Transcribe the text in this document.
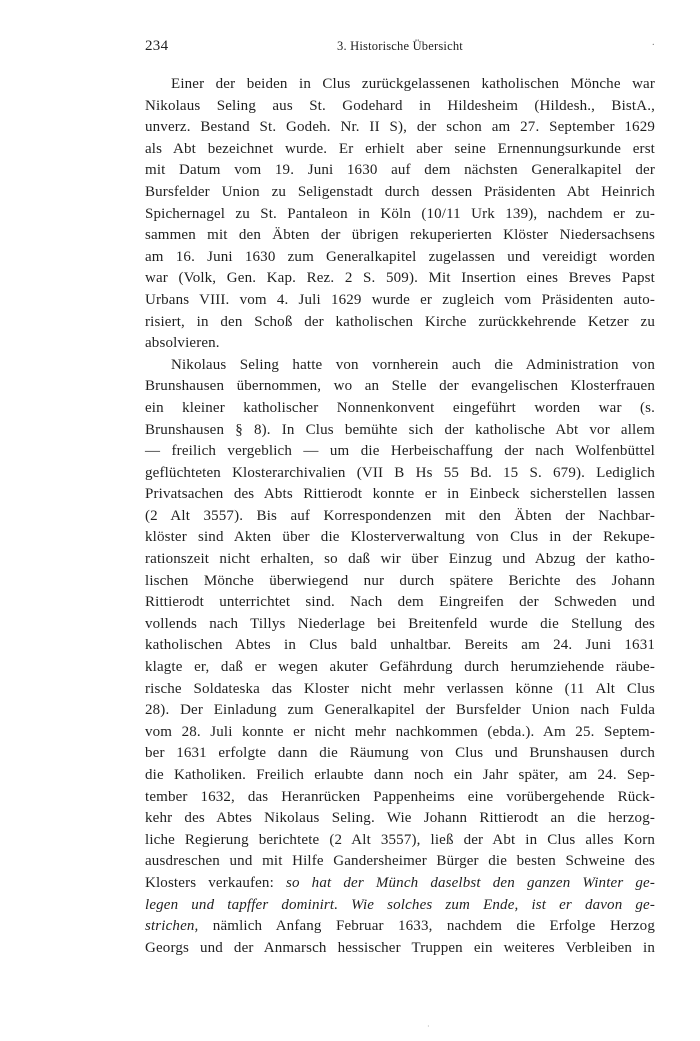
234	3. Historische Übersicht	·
Einer der beiden in Clus zurückgelassenen katholischen Mönche war
Nikolaus Seling aus St. Godehard in Hildesheim (Hildesh., BistA.,
unverz. Bestand St. Godeh. Nr. II S), der schon am 27. September 1629
als Abt bezeichnet wurde. Er erhielt aber seine Ernennungsurkunde erst
mit Datum vom 19. Juni 1630 auf dem nächsten Generalkapitel der
Bursfelder Union zu Seligenstadt durch dessen Präsidenten Abt Heinrich
Spichernagel zu St. Pantaleon in Köln (10/11 Urk 139), nachdem er zu-
sammen mit den Äbten der übrigen rekuperierten Klöster Niedersachsens
am 16. Juni 1630 zum Generalkapitel zugelassen und vereidigt worden
war (Volk, Gen. Kap. Rez. 2 S. 509). Mit Insertion eines Breves Papst
Urbans VIII. vom 4. Juli 1629 wurde er zugleich vom Präsidenten auto-
risiert, in den Schoß der katholischen Kirche zurückkehrende Ketzer zu
absolvieren.
Nikolaus Seling hatte von vornherein auch die Administration von
Brunshausen übernommen, wo an Stelle der evangelischen Klosterfrauen
ein kleiner katholischer Nonnenkonvent eingeführt worden war (s.
Brunshausen § 8). In Clus bemühte sich der katholische Abt vor allem
— freilich vergeblich — um die Herbeischaffung der nach Wolfenbüttel
geflüchteten Klosterarchivalien (VII B Hs 55 Bd. 15 S. 679). Lediglich
Privatsachen des Abts Rittierodt konnte er in Einbeck sicherstellen lassen
(2 Alt 3557). Bis auf Korrespondenzen mit den Äbten der Nachbar-
klöster sind Akten über die Klosterverwaltung von Clus in der Rekupe-
rationszeit nicht erhalten, so daß wir über Einzug und Abzug der katho-
lischen Mönche überwiegend nur durch spätere Berichte des Johann
Rittierodt unterrichtet sind. Nach dem Eingreifen der Schweden und
vollends nach Tillys Niederlage bei Breitenfeld wurde die Stellung des
katholischen Abtes in Clus bald unhaltbar. Bereits am 24. Juni 1631
klagte er, daß er wegen akuter Gefährdung durch herumziehende räube-
rische Soldateska das Kloster nicht mehr verlassen könne (11 Alt Clus
28). Der Einladung zum Generalkapitel der Bursfelder Union nach Fulda
vom 28. Juli konnte er nicht mehr nachkommen (ebda.). Am 25. Septem-
ber 1631 erfolgte dann die Räumung von Clus und Brunshausen durch
die Katholiken. Freilich erlaubte dann noch ein Jahr später, am 24. Sep-
tember 1632, das Heranrücken Pappenheims eine vorübergehende Rück-
kehr des Abtes Nikolaus Seling. Wie Johann Rittierodt an die herzog-
liche Regierung berichtete (2 Alt 3557), ließ der Abt in Clus alles Korn
ausdreschen und mit Hilfe Gandersheimer Bürger die besten Schweine des
Klosters verkaufen: so hat der Münch daselbst den ganzen Winter ge-
legen und tapffer dominirt. Wie solches zum Ende, ist er davon ge-
strichen, nämlich Anfang Februar 1633, nachdem die Erfolge Herzog
Georgs und der Anmarsch hessischer Truppen ein weiteres Verbleiben in
·
